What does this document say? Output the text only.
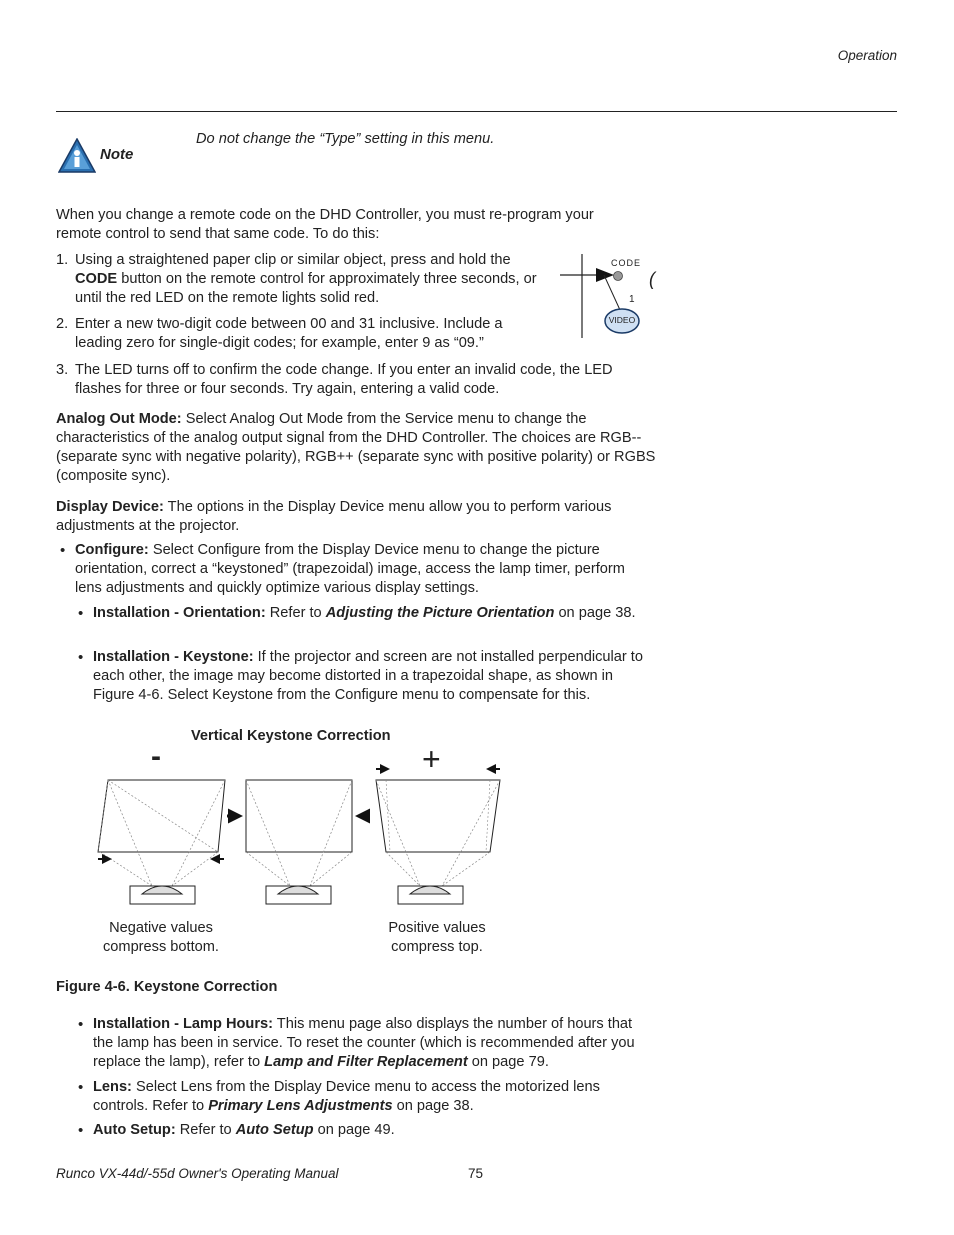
Operation
Note
Do not change the “Type” setting in this menu.
When you change a remote code on the DHD Controller, you must re-program your remote control to send that same code. To do this:
1. Using a straightened paper clip or similar object, press and hold the CODE button on the remote control for approximately three seconds, or until the red LED on the remote lights solid red.
2. Enter a new two-digit code between 00 and 31 inclusive. Include a leading zero for single-digit codes; for example, enter 9 as “09.”
3. The LED turns off to confirm the code change. If you enter an invalid code, the LED flashes for three or four seconds. Try again, entering a valid code.
CODE
1
VIDEO
(
Analog Out Mode: Select Analog Out Mode from the Service menu to change the characteristics of the analog output signal from the DHD Controller. The choices are RGB-- (separate sync with negative polarity), RGB++ (separate sync with positive polarity) or RGBS (composite sync).
Display Device: The options in the Display Device menu allow you to perform various adjustments at the projector.
• Configure: Select Configure from the Display Device menu to change the picture orientation, correct a “keystoned” (trapezoidal) image, access the lamp timer, perform lens adjustments and quickly optimize various display settings.
• Installation - Orientation: Refer to Adjusting the Picture Orientation on page 38.
• Installation - Keystone: If the projector and screen are not installed perpendicular to each other, the image may become distorted in a trapezoidal shape, as shown in Figure 4-6. Select Keystone from the Configure menu to compensate for this.
Vertical Keystone Correction
-	+
Negative values
compress bottom.
Positive values
compress top.
Figure 4-6. Keystone Correction
• Installation - Lamp Hours: This menu page also displays the number of hours that the lamp has been in service. To reset the counter (which is recommended after you replace the lamp), refer to Lamp and Filter Replacement on page 79.
• Lens: Select Lens from the Display Device menu to access the motorized lens controls. Refer to Primary Lens Adjustments on page 38.
• Auto Setup: Refer to Auto Setup on page 49.
Runco VX-44d/-55d Owner's Operating Manual	75
